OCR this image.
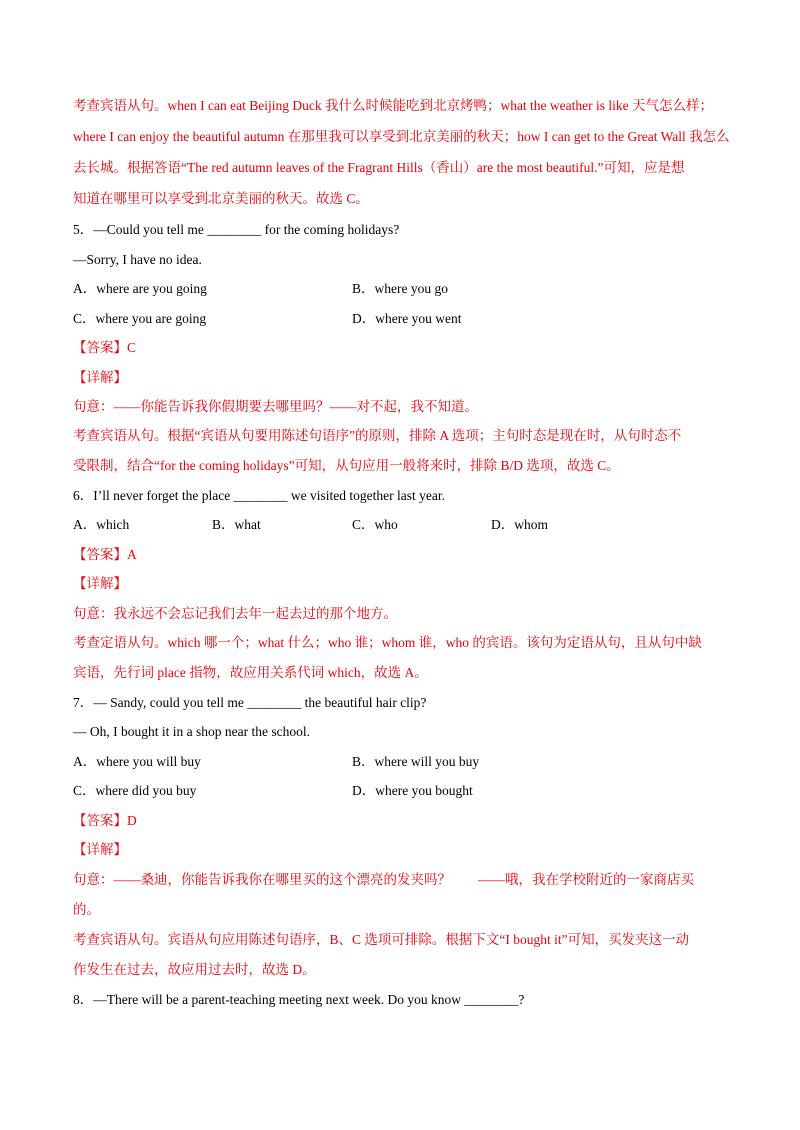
考查宾语从句。when I can eat Beijing Duck 我什么时候能吃到北京烤鸭；what the weather is like 天气怎么样；
where I can enjoy the beautiful autumn 在那里我可以享受到北京美丽的秋天；how I can get to the Great Wall 我怎么
去长城。根据答语“The red autumn leaves of the Fragrant Hills（香山）are the most beautiful.”可知，应是想
知道在哪里可以享受到北京美丽的秋天。故选 C。
5．—Could you tell me ________ for the coming holidays?
—Sorry, I have no idea.
A．where are you going	B．where you go
C．where you are going	D．where you went
【答案】C
【详解】
句意：——你能告诉我你假期要去哪里吗？——对不起，我不知道。
考查宾语从句。根据“宾语从句要用陈述句语序”的原则，排除 A 选项；主句时态是现在时，从句时态不
受限制，结合“for the coming holidays”可知，从句应用一般将来时，排除 B/D 选项，故选 C。
6．I’ll never forget the place ________ we visited together last year.
A．which	B．what	C．who	D．whom
【答案】A
【详解】
句意：我永远不会忘记我们去年一起去过的那个地方。
考查定语从句。which 哪一个；what 什么；who 谁；whom 谁，who 的宾语。该句为定语从句，且从句中缺
宾语，先行词 place 指物，故应用关系代词 which，故选 A。
7．— Sandy, could you tell me ________ the beautiful hair clip?
— Oh, I bought it in a shop near the school.
A．where you will buy	B．where will you buy
C．where did you buy	D．where you bought
【答案】D
【详解】
句意：——桑迪，你能告诉我你在哪里买的这个漂亮的发夹吗？　　——哦，我在学校附近的一家商店买
的。
考查宾语从句。宾语从句应用陈述句语序，B、C 选项可排除。根据下文“I bought it”可知，买发夹这一动
作发生在过去，故应用过去时，故选 D。
8．—There will be a parent-teaching meeting next week. Do you know ________?
